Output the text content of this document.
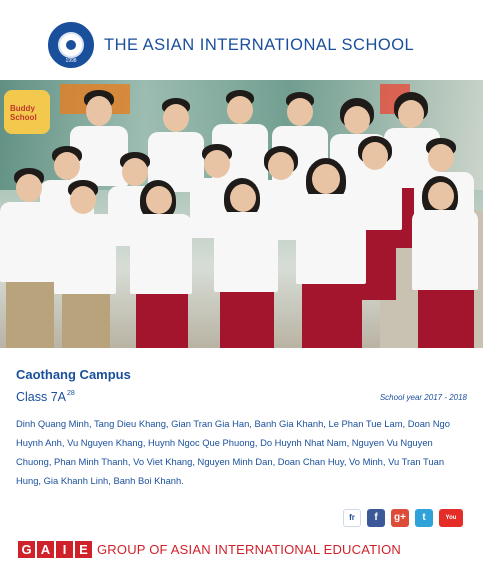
1998
THE ASIAN INTERNATIONAL SCHOOL
Buddy School
Caothang Campus
Class $7A^{28}$	School year 2017 - 2018
Dinh Quang Minh, Tang Dieu Khang, Gian Tran Gia Han, Banh Gia Khanh, Le Phan Tue Lam, Doan Ngo Huynh Anh, Vu Nguyen Khang, Huynh Ngoc Que Phuong, Do Huynh Nhat Nam, Nguyen Vu Nguyen Chuong, Phan Minh Thanh, Vo Viet Khang, Nguyen Minh Dan, Doan Chan Huy, Vo Minh, Vu Tran Tuan Hung, Gia Khanh Linh, Banh Boi Khanh.
fr	f	g+	t	You Tube
G A I E GROUP OF ASIAN INTERNATIONAL EDUCATION
